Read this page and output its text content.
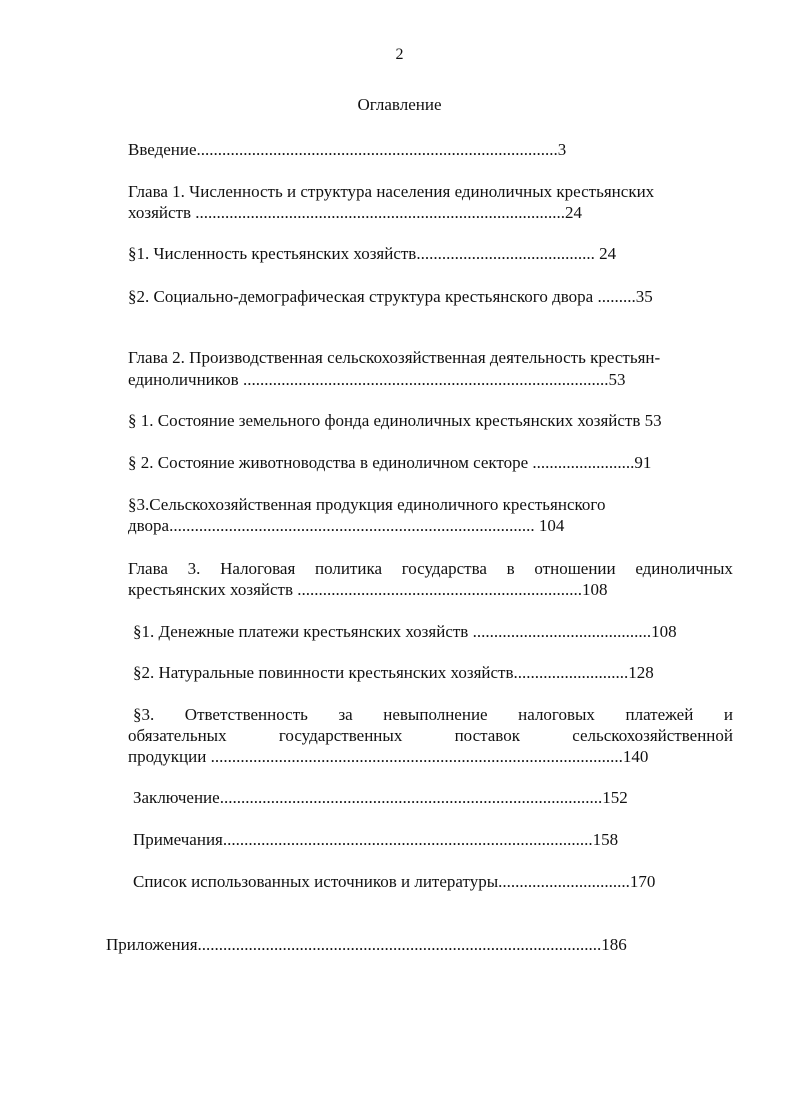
2
Оглавление
Введение.....................................................................................3
Глава 1. Численность и структура населения единоличных крестьянских
хозяйств .......................................................................................24
§1. Численность крестьянских хозяйств.......................................... 24
§2. Социально-демографическая структура крестьянского двора .........35
Глава 2. Производственная сельскохозяйственная деятельность крестьян-
единоличников ......................................................................................53
§ 1. Состояние земельного фонда единоличных крестьянских хозяйств 53
§ 2. Состояние животноводства в единоличном секторе ........................91
§3.Сельскохозяйственная продукция единоличного крестьянского
двора...................................................................................... 104
Глава 3. Налоговая политика государства в отношении единоличных
крестьянских хозяйств ...................................................................108
§1. Денежные платежи крестьянских хозяйств ..........................................108
§2. Натуральные повинности крестьянских хозяйств...........................128
§3. Ответственность за невыполнение налоговых платежей и
обязательных	государственных	поставок	сельскохозяйственной
продукции .................................................................................................140
Заключение..........................................................................................152
Примечания.......................................................................................158
Список использованных источников и литературы...............................170
Приложения...............................................................................................186
